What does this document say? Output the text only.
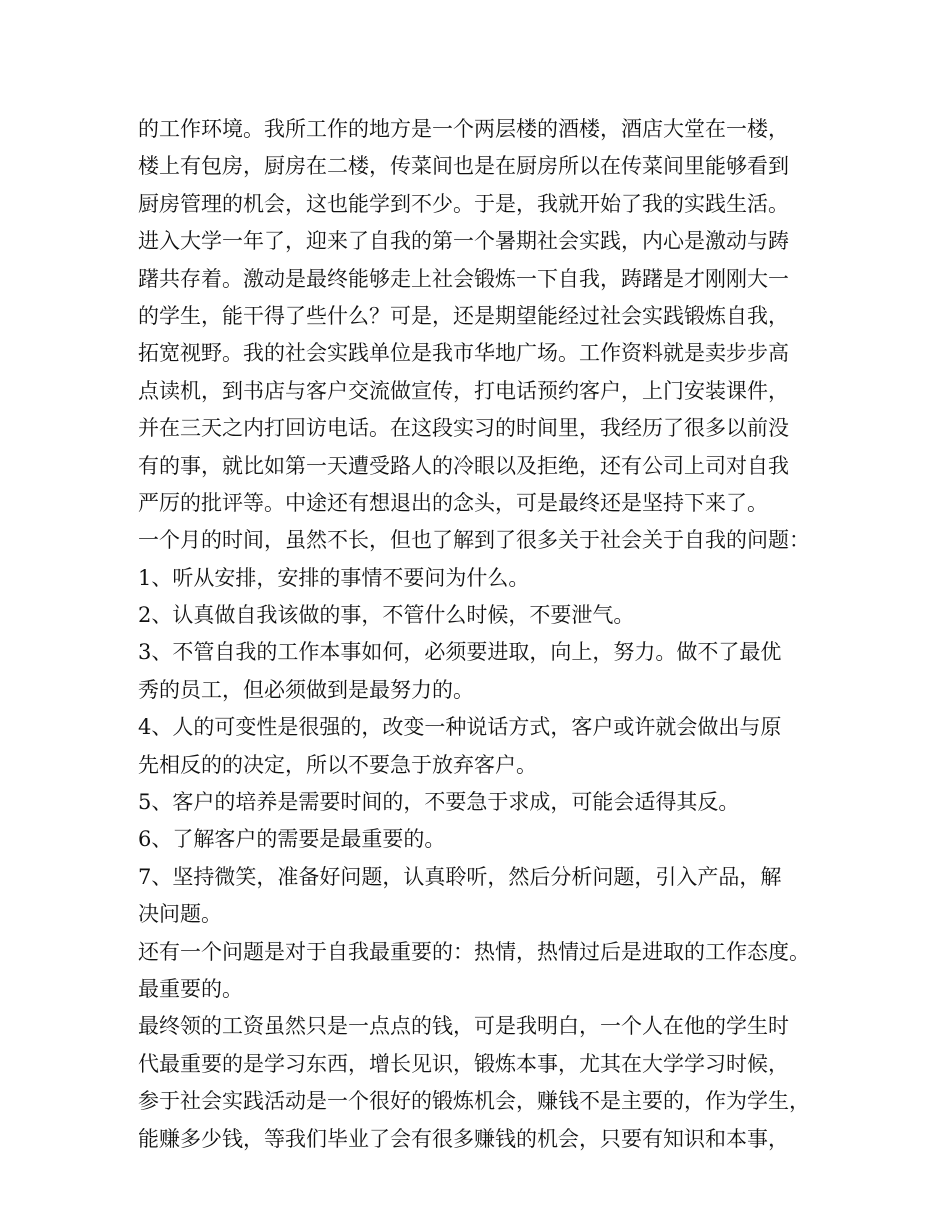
的工作环境。我所工作的地方是一个两层楼的酒楼，酒店大堂在一楼，
楼上有包房，厨房在二楼，传菜间也是在厨房所以在传菜间里能够看到
厨房管理的机会，这也能学到不少。于是，我就开始了我的实践生活。
进入大学一年了，迎来了自我的第一个暑期社会实践，内心是激动与踌
躇共存着。激动是最终能够走上社会锻炼一下自我，踌躇是才刚刚大一
的学生，能干得了些什么？可是，还是期望能经过社会实践锻炼自我，
拓宽视野。我的社会实践单位是我市华地广场。工作资料就是卖步步高
点读机，到书店与客户交流做宣传，打电话预约客户，上门安装课件，
并在三天之内打回访电话。在这段实习的时间里，我经历了很多以前没
有的事，就比如第一天遭受路人的冷眼以及拒绝，还有公司上司对自我
严厉的批评等。中途还有想退出的念头，可是最终还是坚持下来了。
一个月的时间，虽然不长，但也了解到了很多关于社会关于自我的问题：
1、听从安排，安排的事情不要问为什么。
2、认真做自我该做的事，不管什么时候，不要泄气。
3、不管自我的工作本事如何，必须要进取，向上，努力。做不了最优
秀的员工，但必须做到是最努力的。
4、人的可变性是很强的，改变一种说话方式，客户或许就会做出与原
先相反的的决定，所以不要急于放弃客户。
5、客户的培养是需要时间的，不要急于求成，可能会适得其反。
6、了解客户的需要是最重要的。
7、坚持微笑，准备好问题，认真聆听，然后分析问题，引入产品，解
决问题。
还有一个问题是对于自我最重要的：热情，热情过后是进取的工作态度。
最重要的。
最终领的工资虽然只是一点点的钱，可是我明白，一个人在他的学生时
代最重要的是学习东西，增长见识，锻炼本事，尤其在大学学习时候，
参于社会实践活动是一个很好的锻炼机会，赚钱不是主要的，作为学生，
能赚多少钱，等我们毕业了会有很多赚钱的机会，只要有知识和本事，
